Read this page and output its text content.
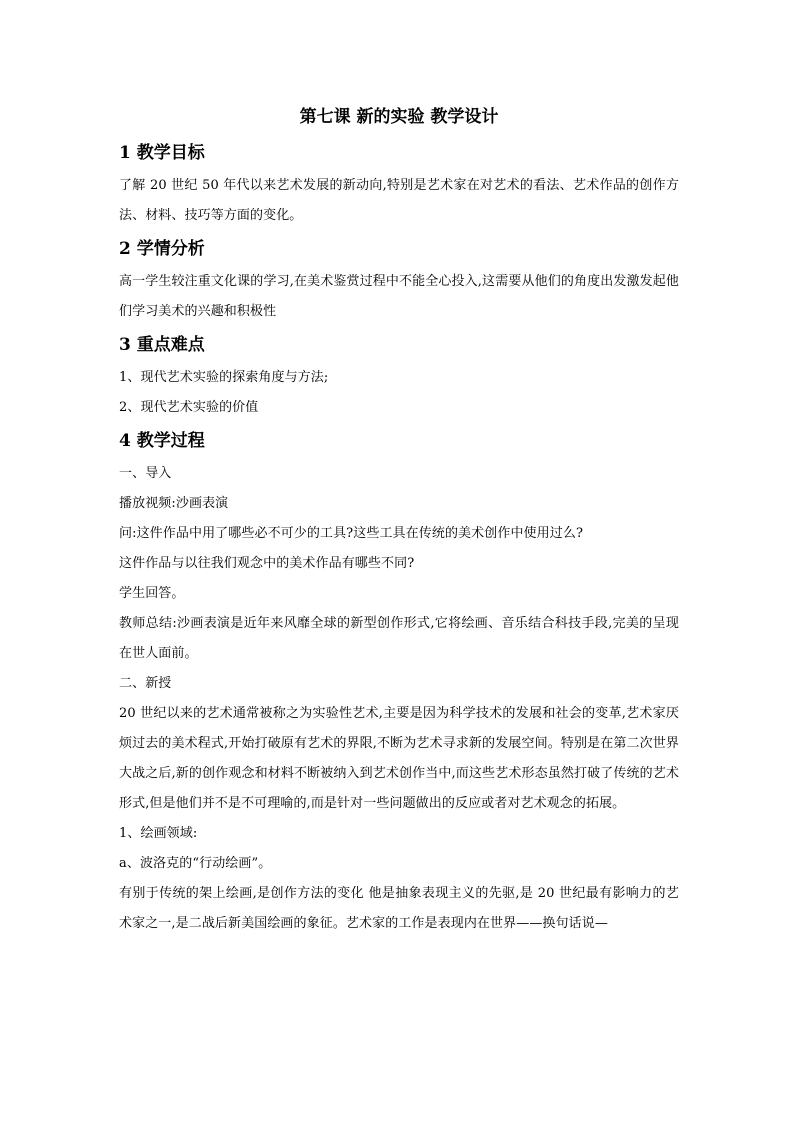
第七课 新的实验 教学设计
1 教学目标

了解 20 世纪 50 年代以来艺术发展的新动向,特别是艺术家在对艺术的看法、艺术作品的创作方法、材料、技巧等方面的变化。

2 学情分析

高一学生较注重文化课的学习,在美术鉴赏过程中不能全心投入,这需要从他们的角度出发激发起他们学习美术的兴趣和积极性

3 重点难点

1、现代艺术实验的探索角度与方法;

2、现代艺术实验的价值

4 教学过程

一、导入

播放视频:沙画表演

问:这件作品中用了哪些必不可少的工具?这些工具在传统的美术创作中使用过么?

这件作品与以往我们观念中的美术作品有哪些不同?

学生回答。

教师总结:沙画表演是近年来风靡全球的新型创作形式,它将绘画、音乐结合科技手段,完美的呈现在世人面前。

二、新授

20 世纪以来的艺术通常被称之为实验性艺术,主要是因为科学技术的发展和社会的变革,艺术家厌烦过去的美术程式,开始打破原有艺术的界限,不断为艺术寻求新的发展空间。特别是在第二次世界大战之后,新的创作观念和材料不断被纳入到艺术创作当中,而这些艺术形态虽然打破了传统的艺术形式,但是他们并不是不可理喻的,而是针对一些问题做出的反应或者对艺术观念的拓展。

1、绘画领域:

a、波洛克的“行动绘画”。

有别于传统的架上绘画,是创作方法的变化 他是抽象表现主义的先驱,是 20 世纪最有影响力的艺术家之一,是二战后新美国绘画的象征。艺术家的工作是表现内在世界——换句话说—
